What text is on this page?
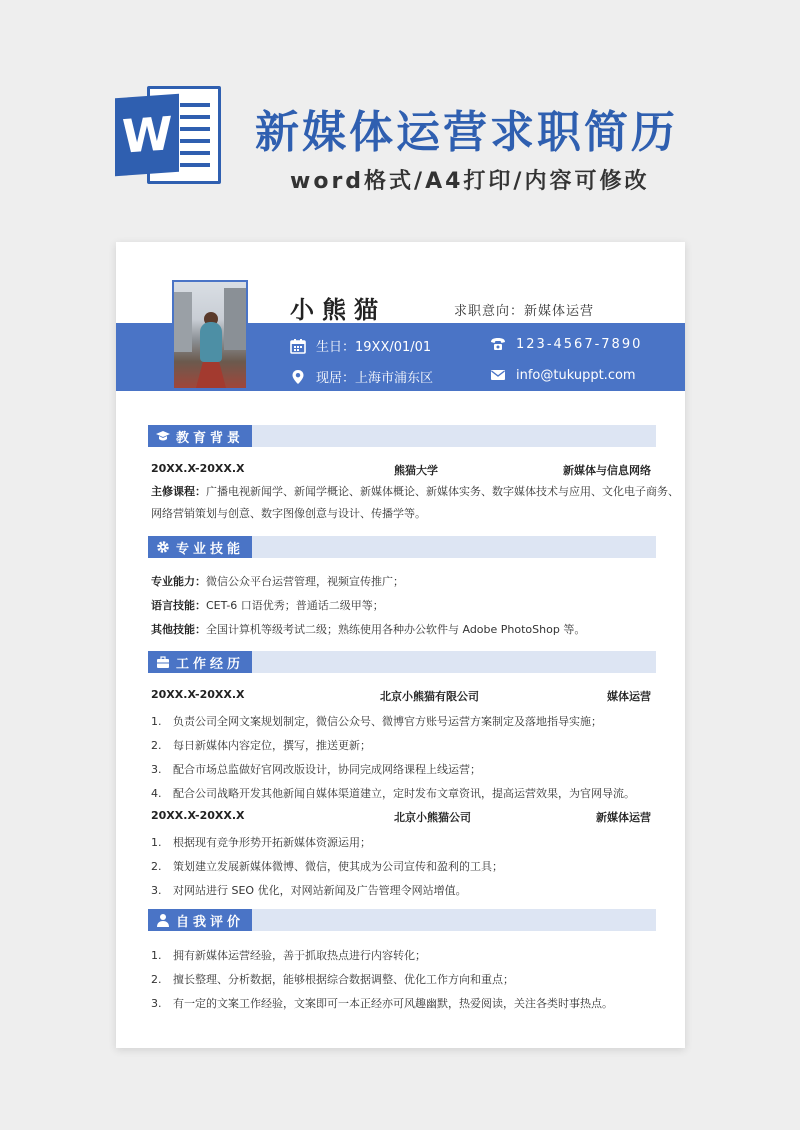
W 新媒体运营求职简历
word格式/A4打印/内容可修改
小熊猫	求职意向：新媒体运营
生日：19XX/01/01
现居：上海市浦东区
123-4567-7890
info@tukuppt.com
教育背景
20XX.X-20XX.X	熊猫大学	新媒体与信息网络
主修课程：广播电视新闻学、新闻学概论、新媒体概论、新媒体实务、数字媒体技术与应用、文化电子商务、
网络营销策划与创意、数字图像创意与设计、传播学等。
专业技能
专业能力：微信公众平台运营管理，视频宣传推广；
语言技能：CET-6 口语优秀；普通话二级甲等；
其他技能：全国计算机等级考试二级；熟练使用各种办公软件与 Adobe PhotoShop 等。
工作经历
20XX.X-20XX.X	北京小熊猫有限公司	媒体运营
1. 负责公司全网文案规划制定，微信公众号、微博官方账号运营方案制定及落地指导实施；
2. 每日新媒体内容定位，撰写，推送更新；
3. 配合市场总监做好官网改版设计，协同完成网络课程上线运营；
4. 配合公司战略开发其他新闻自媒体渠道建立，定时发布文章资讯，提高运营效果，为官网导流。
20XX.X-20XX.X	北京小熊猫公司	新媒体运营
1. 根据现有竞争形势开拓新媒体资源运用；
2. 策划建立发展新媒体微博、微信，使其成为公司宣传和盈利的工具；
3. 对网站进行 SEO 优化，对网站新闻及广告管理令网站增值。
自我评价
1. 拥有新媒体运营经验，善于抓取热点进行内容转化；
2. 擅长整理、分析数据，能够根据综合数据调整、优化工作方向和重点；
3. 有一定的文案工作经验，文案即可一本正经亦可风趣幽默，热爱阅读，关注各类时事热点。
